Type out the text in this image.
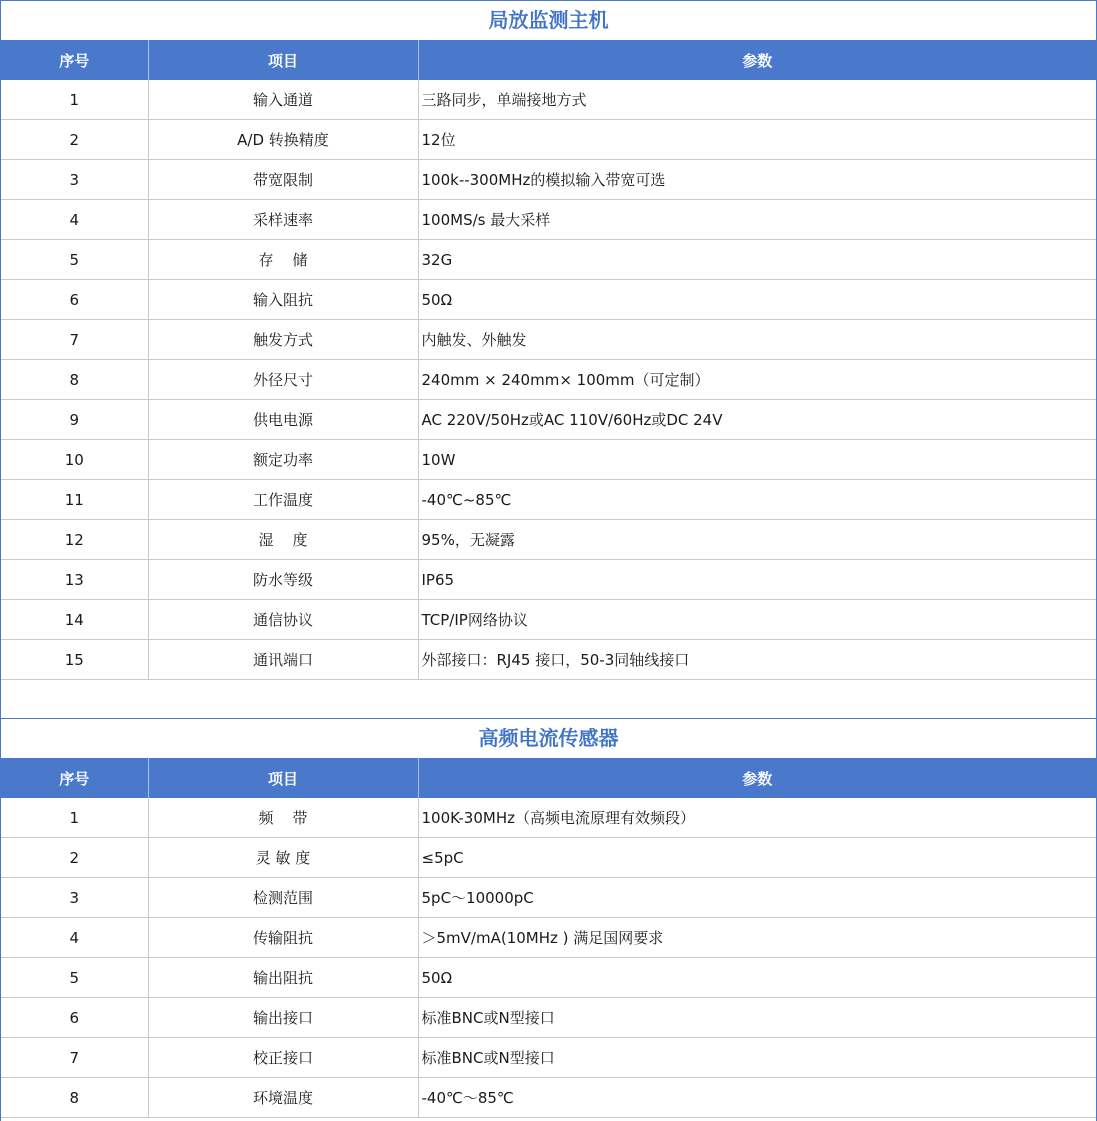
局放监测主机
序号	项目	参数
1	输入通道	三路同步，单端接地方式
2	A/D 转换精度	12位
3	带宽限制	100k--300MHz的模拟输入带宽可选
4	采样速率	100MS/s 最大采样
5	存    储	32G
6	输入阻抗	50Ω
7	触发方式	内触发、外触发
8	外径尺寸	240mm × 240mm× 100mm（可定制）
9	供电电源	AC 220V/50Hz或AC 110V/60Hz或DC 24V
10	额定功率	10W
11	工作温度	-40℃~85℃
12	湿    度	95%，无凝露
13	防水等级	IP65
14	通信协议	TCP/IP网络协议
15	通讯端口	外部接口：RJ45 接口，50-3同轴线接口
高频电流传感器
序号	项目	参数
1	频    带	100K-30MHz（高频电流原理有效频段）
2	灵 敏 度	≤5pC
3	检测范围	5pC～10000pC
4	传输阻抗	＞5mV/mA(10MHz ) 满足国网要求
5	输出阻抗	50Ω
6	输出接口	标准BNC或N型接口
7	校正接口	标准BNC或N型接口
8	环境温度	-40℃～85℃
